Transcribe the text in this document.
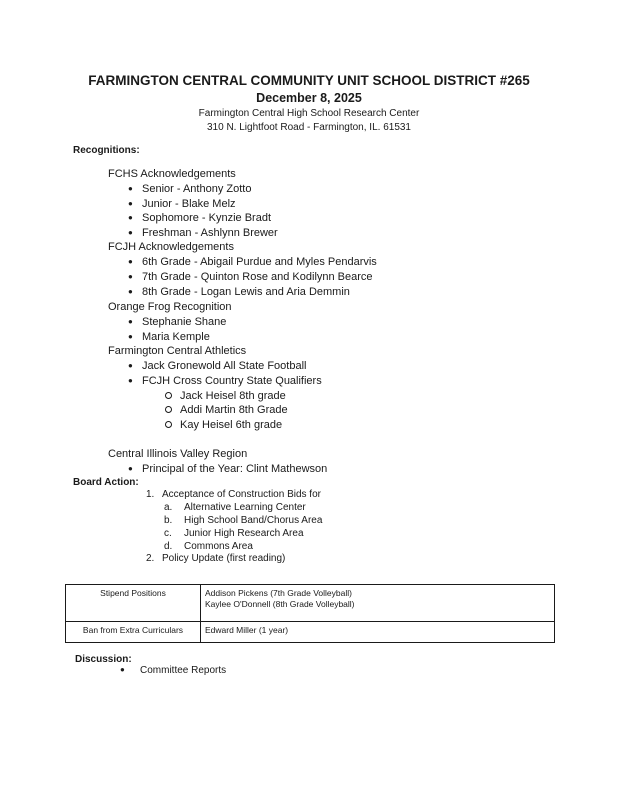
FARMINGTON CENTRAL COMMUNITY UNIT SCHOOL DISTRICT #265
December 8, 2025
Farmington Central High School Research Center
310 N. Lightfoot Road - Farmington, IL. 61531
Recognitions:
FCHS Acknowledgements
● Senior - Anthony Zotto
● Junior - Blake Melz
● Sophomore - Kynzie Bradt
● Freshman - Ashlynn Brewer
FCJH Acknowledgements
● 6th Grade - Abigail Purdue and Myles Pendarvis
● 7th Grade - Quinton Rose and Kodilynn Bearce
● 8th Grade - Logan Lewis and Aria Demmin
Orange Frog Recognition
● Stephanie Shane
● Maria Kemple
Farmington Central Athletics
● Jack Gronewold All State Football
● FCJH Cross Country State Qualifiers
Jack Heisel 8th grade
Addi Martin 8th Grade
Kay Heisel 6th grade
Central Illinois Valley Region
● Principal of the Year: Clint Mathewson
Board Action:
1. Acceptance of Construction Bids for
a. Alternative Learning Center
b. High School Band/Chorus Area
c. Junior High Research Area
d. Commons Area
2. Policy Update (first reading)
Stipend Positions	Addison Pickens (7th Grade Volleyball)
Kaylee O'Donnell (8th Grade Volleyball)

Ban from Extra Curriculars	Edward Miller (1 year)
Discussion:
● Committee Reports
